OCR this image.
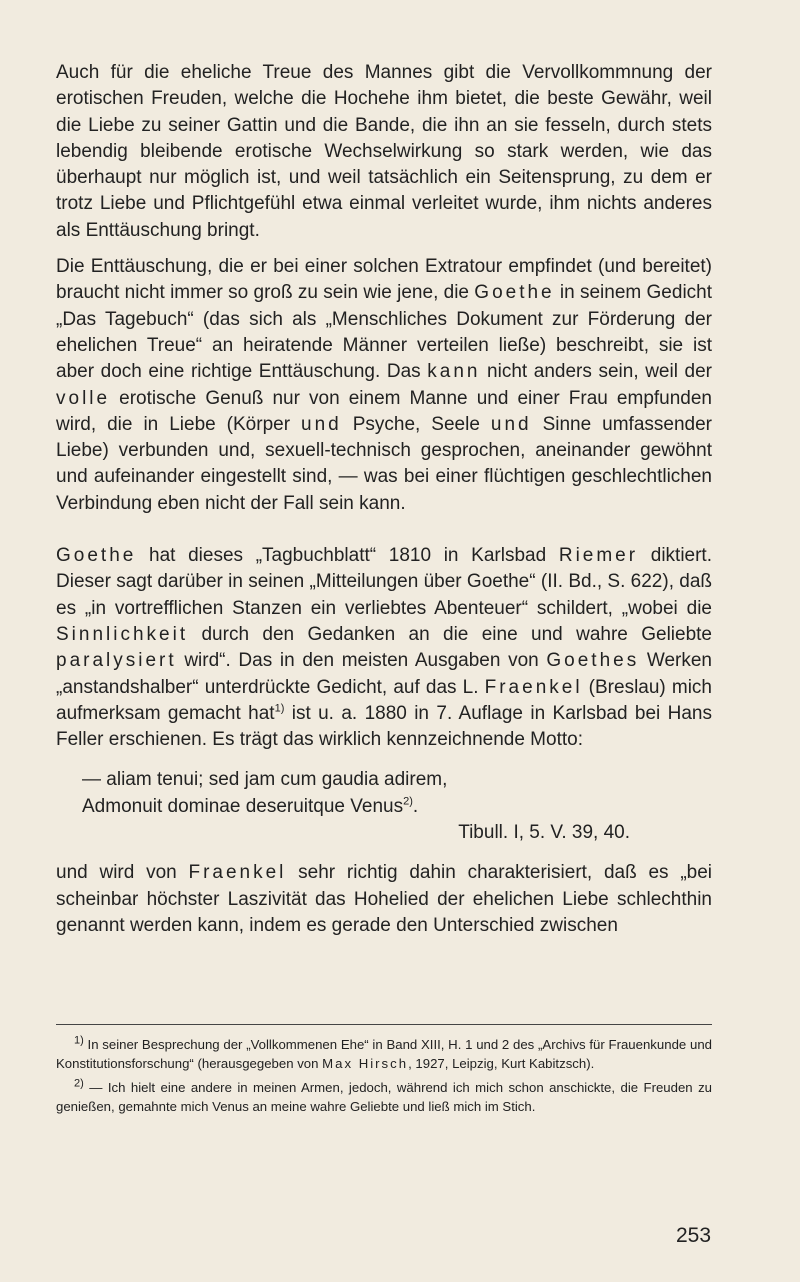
Auch für die eheliche Treue des Mannes gibt die Vervollkommnung der erotischen Freuden, welche die Hochehe ihm bietet, die beste Gewähr, weil die Liebe zu seiner Gattin und die Bande, die ihn an sie fesseln, durch stets lebendig bleibende erotische Wechselwirkung so stark werden, wie das überhaupt nur möglich ist, und weil tatsächlich ein Seitensprung, zu dem er trotz Liebe und Pflichtgefühl etwa einmal verleitet wurde, ihm nichts anderes als Enttäuschung bringt.

Die Enttäuschung, die er bei einer solchen Extratour empfindet (und bereitet) braucht nicht immer so groß zu sein wie jene, die Goethe in seinem Gedicht „Das Tagebuch“ (das sich als „Menschliches Dokument zur Förderung der ehelichen Treue“ an heiratende Männer verteilen ließe) beschreibt, sie ist aber doch eine richtige Enttäuschung. Das kann nicht anders sein, weil der volle erotische Genuß nur von einem Manne und einer Frau empfunden wird, die in Liebe (Körper und Psyche, Seele und Sinne umfassender Liebe) verbunden und, sexuell-technisch gesprochen, aneinander gewöhnt und aufeinander eingestellt sind, — was bei einer flüchtigen geschlechtlichen Verbindung eben nicht der Fall sein kann.

Goethe hat dieses „Tagbuchblatt“ 1810 in Karlsbad Riemer diktiert. Dieser sagt darüber in seinen „Mitteilungen über Goethe“ (II. Bd., S. 622), daß es „in vortrefflichen Stanzen ein verliebtes Abenteuer“ schildert, „wobei die Sinnlichkeit durch den Gedanken an die eine und wahre Geliebte paralysiert wird“. Das in den meisten Ausgaben von Goethes Werken „anstandshalber“ unterdrückte Gedicht, auf das L. Fraenkel (Breslau) mich aufmerksam gemacht hat$^{1)}$ ist u. a. 1880 in 7. Auflage in Karlsbad bei Hans Feller erschienen. Es trägt das wirklich kennzeichnende Motto:

— aliam tenui; sed jam cum gaudia adirem,
Admonuit dominae deseruitque Venus$^{2)}$.
Tibull. I, 5. V. 39, 40.

und wird von Fraenkel sehr richtig dahin charakterisiert, daß es „bei scheinbar höchster Laszivität das Hohelied der ehelichen Liebe schlechthin genannt werden kann, indem es gerade den Unterschied zwischen

$^{1)}$ In seiner Besprechung der „Vollkommenen Ehe“ in Band XIII, H. 1 und 2 des „Archivs für Frauenkunde und Konstitutionsforschung“ (herausgegeben von Max Hirsch, 1927, Leipzig, Kurt Kabitzsch).

$^{2)}$ — Ich hielt eine andere in meinen Armen, jedoch, während ich mich schon anschickte, die Freuden zu genießen, gemahnte mich Venus an meine wahre Geliebte und ließ mich im Stich.

253
